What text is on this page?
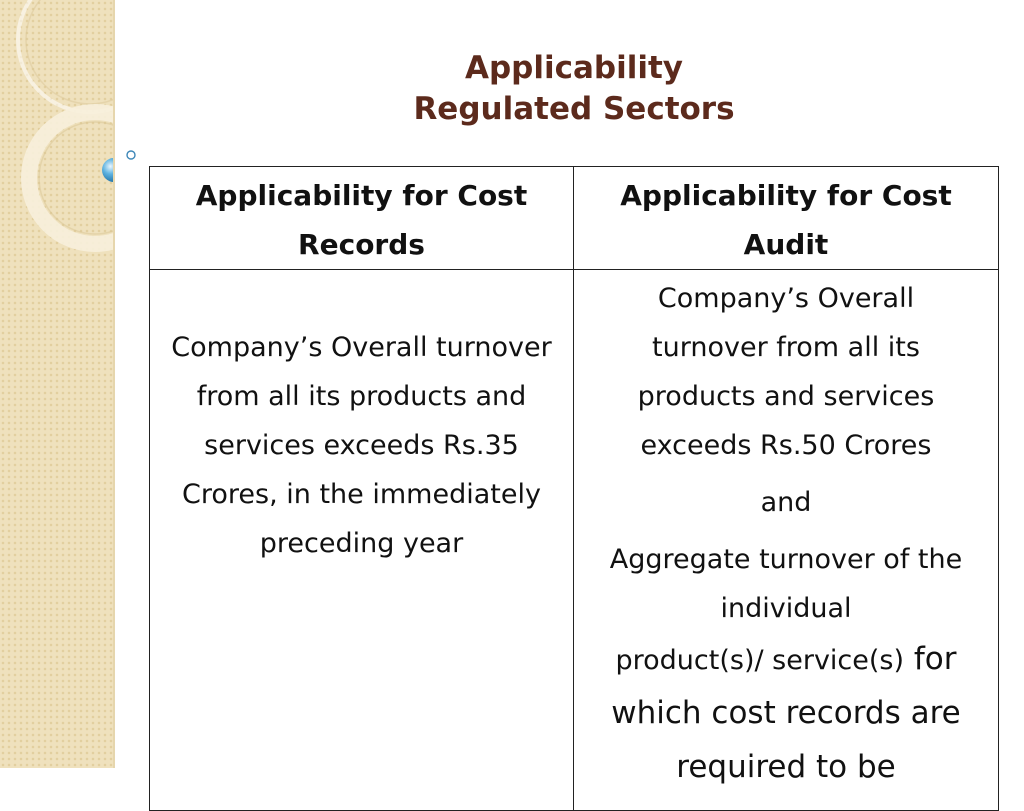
Applicability
Regulated Sectors
Applicability for Cost Records	Applicability for Cost Audit

Company’s Overall turnover from all its products and services exceeds Rs.35 Crores, in the immediately preceding year	Company’s Overall turnover from all its products and services exceeds Rs.50 Crores

and

Aggregate turnover of the individual

product(s)/ service(s) for which cost records are

required to be
